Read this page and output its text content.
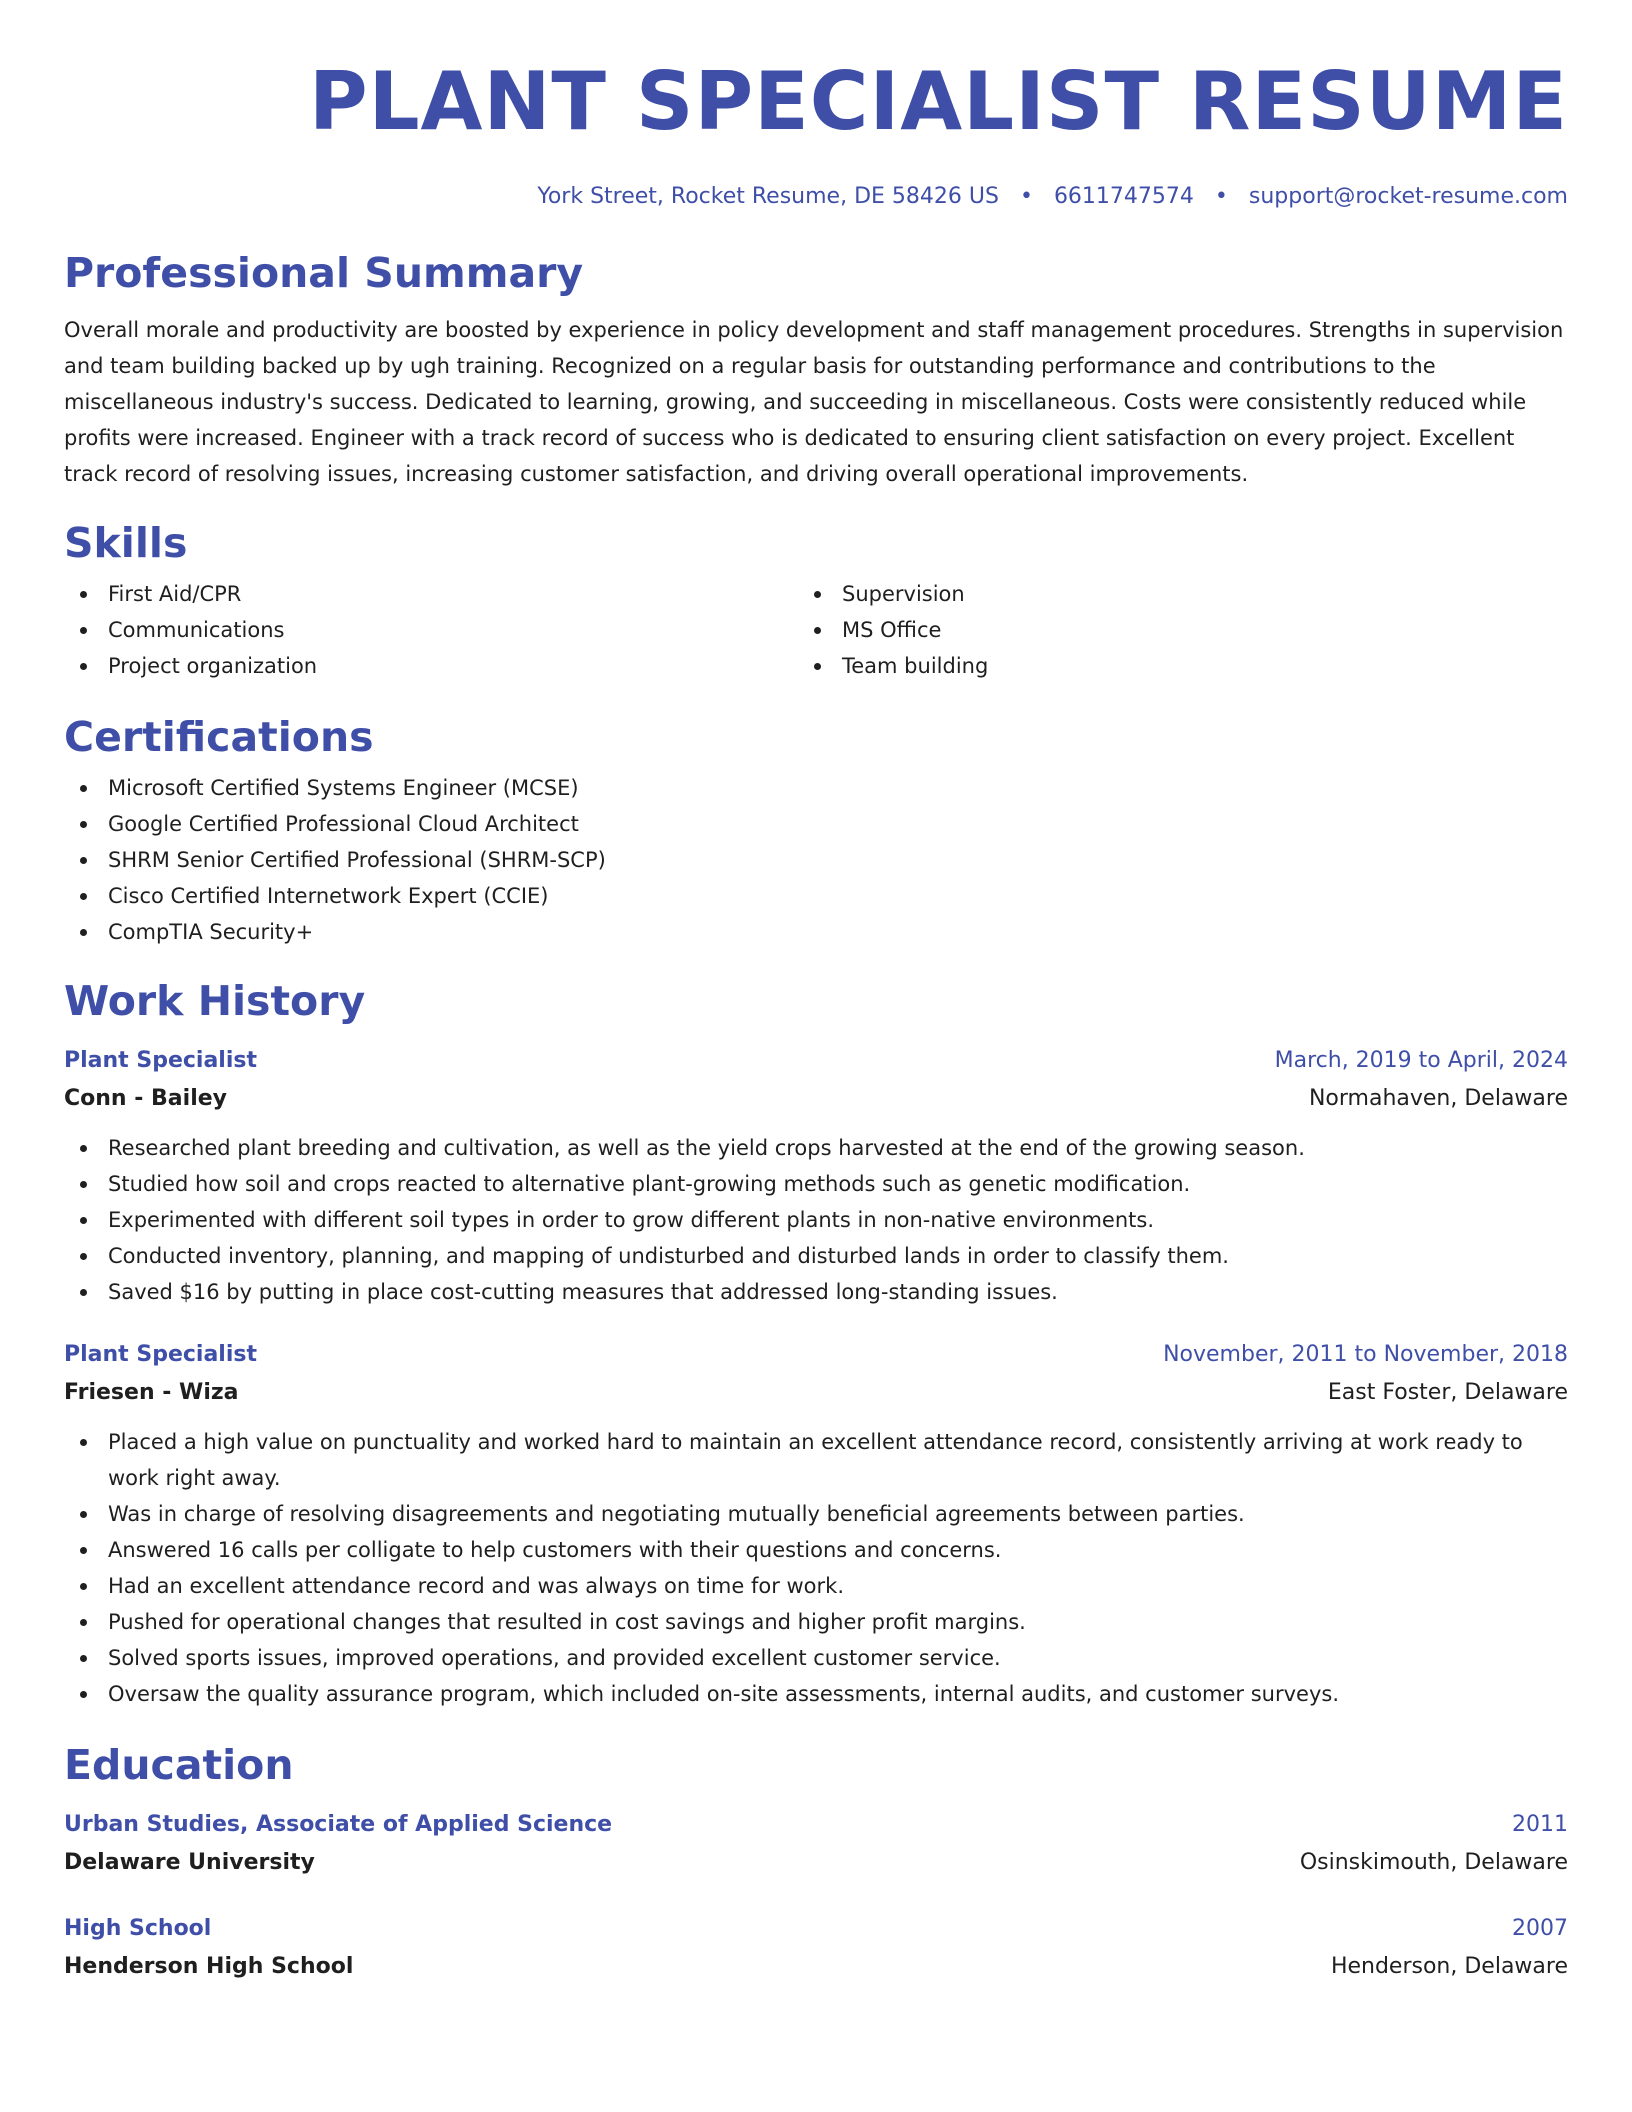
PLANT SPECIALIST RESUME
York Street, Rocket Resume, DE 58426 US • 6611747574 • support@rocket-resume.com
Professional Summary
Overall morale and productivity are boosted by experience in policy development and staff management procedures. Strengths in supervision and team building backed up by ugh training. Recognized on a regular basis for outstanding performance and contributions to the miscellaneous industry's success. Dedicated to learning, growing, and succeeding in miscellaneous. Costs were consistently reduced while profits were increased. Engineer with a track record of success who is dedicated to ensuring client satisfaction on every project. Excellent track record of resolving issues, increasing customer satisfaction, and driving overall operational improvements.
Skills
First Aid/CPR
Communications
Project organization
Supervision
MS Office
Team building
Certifications
Microsoft Certified Systems Engineer (MCSE)
Google Certified Professional Cloud Architect
SHRM Senior Certified Professional (SHRM-SCP)
Cisco Certified Internetwork Expert (CCIE)
CompTIA Security+
Work History
Plant Specialist	March, 2019 to April, 2024
Conn - Bailey	Normahaven, Delaware
Researched plant breeding and cultivation, as well as the yield crops harvested at the end of the growing season.
Studied how soil and crops reacted to alternative plant-growing methods such as genetic modification.
Experimented with different soil types in order to grow different plants in non-native environments.
Conducted inventory, planning, and mapping of undisturbed and disturbed lands in order to classify them.
Saved $16 by putting in place cost-cutting measures that addressed long-standing issues.
Plant Specialist	November, 2011 to November, 2018
Friesen - Wiza	East Foster, Delaware
Placed a high value on punctuality and worked hard to maintain an excellent attendance record, consistently arriving at work ready to work right away.
Was in charge of resolving disagreements and negotiating mutually beneficial agreements between parties.
Answered 16 calls per colligate to help customers with their questions and concerns.
Had an excellent attendance record and was always on time for work.
Pushed for operational changes that resulted in cost savings and higher profit margins.
Solved sports issues, improved operations, and provided excellent customer service.
Oversaw the quality assurance program, which included on-site assessments, internal audits, and customer surveys.
Education
Urban Studies, Associate of Applied Science	2011
Delaware University	Osinskimouth, Delaware
High School	2007
Henderson High School	Henderson, Delaware
